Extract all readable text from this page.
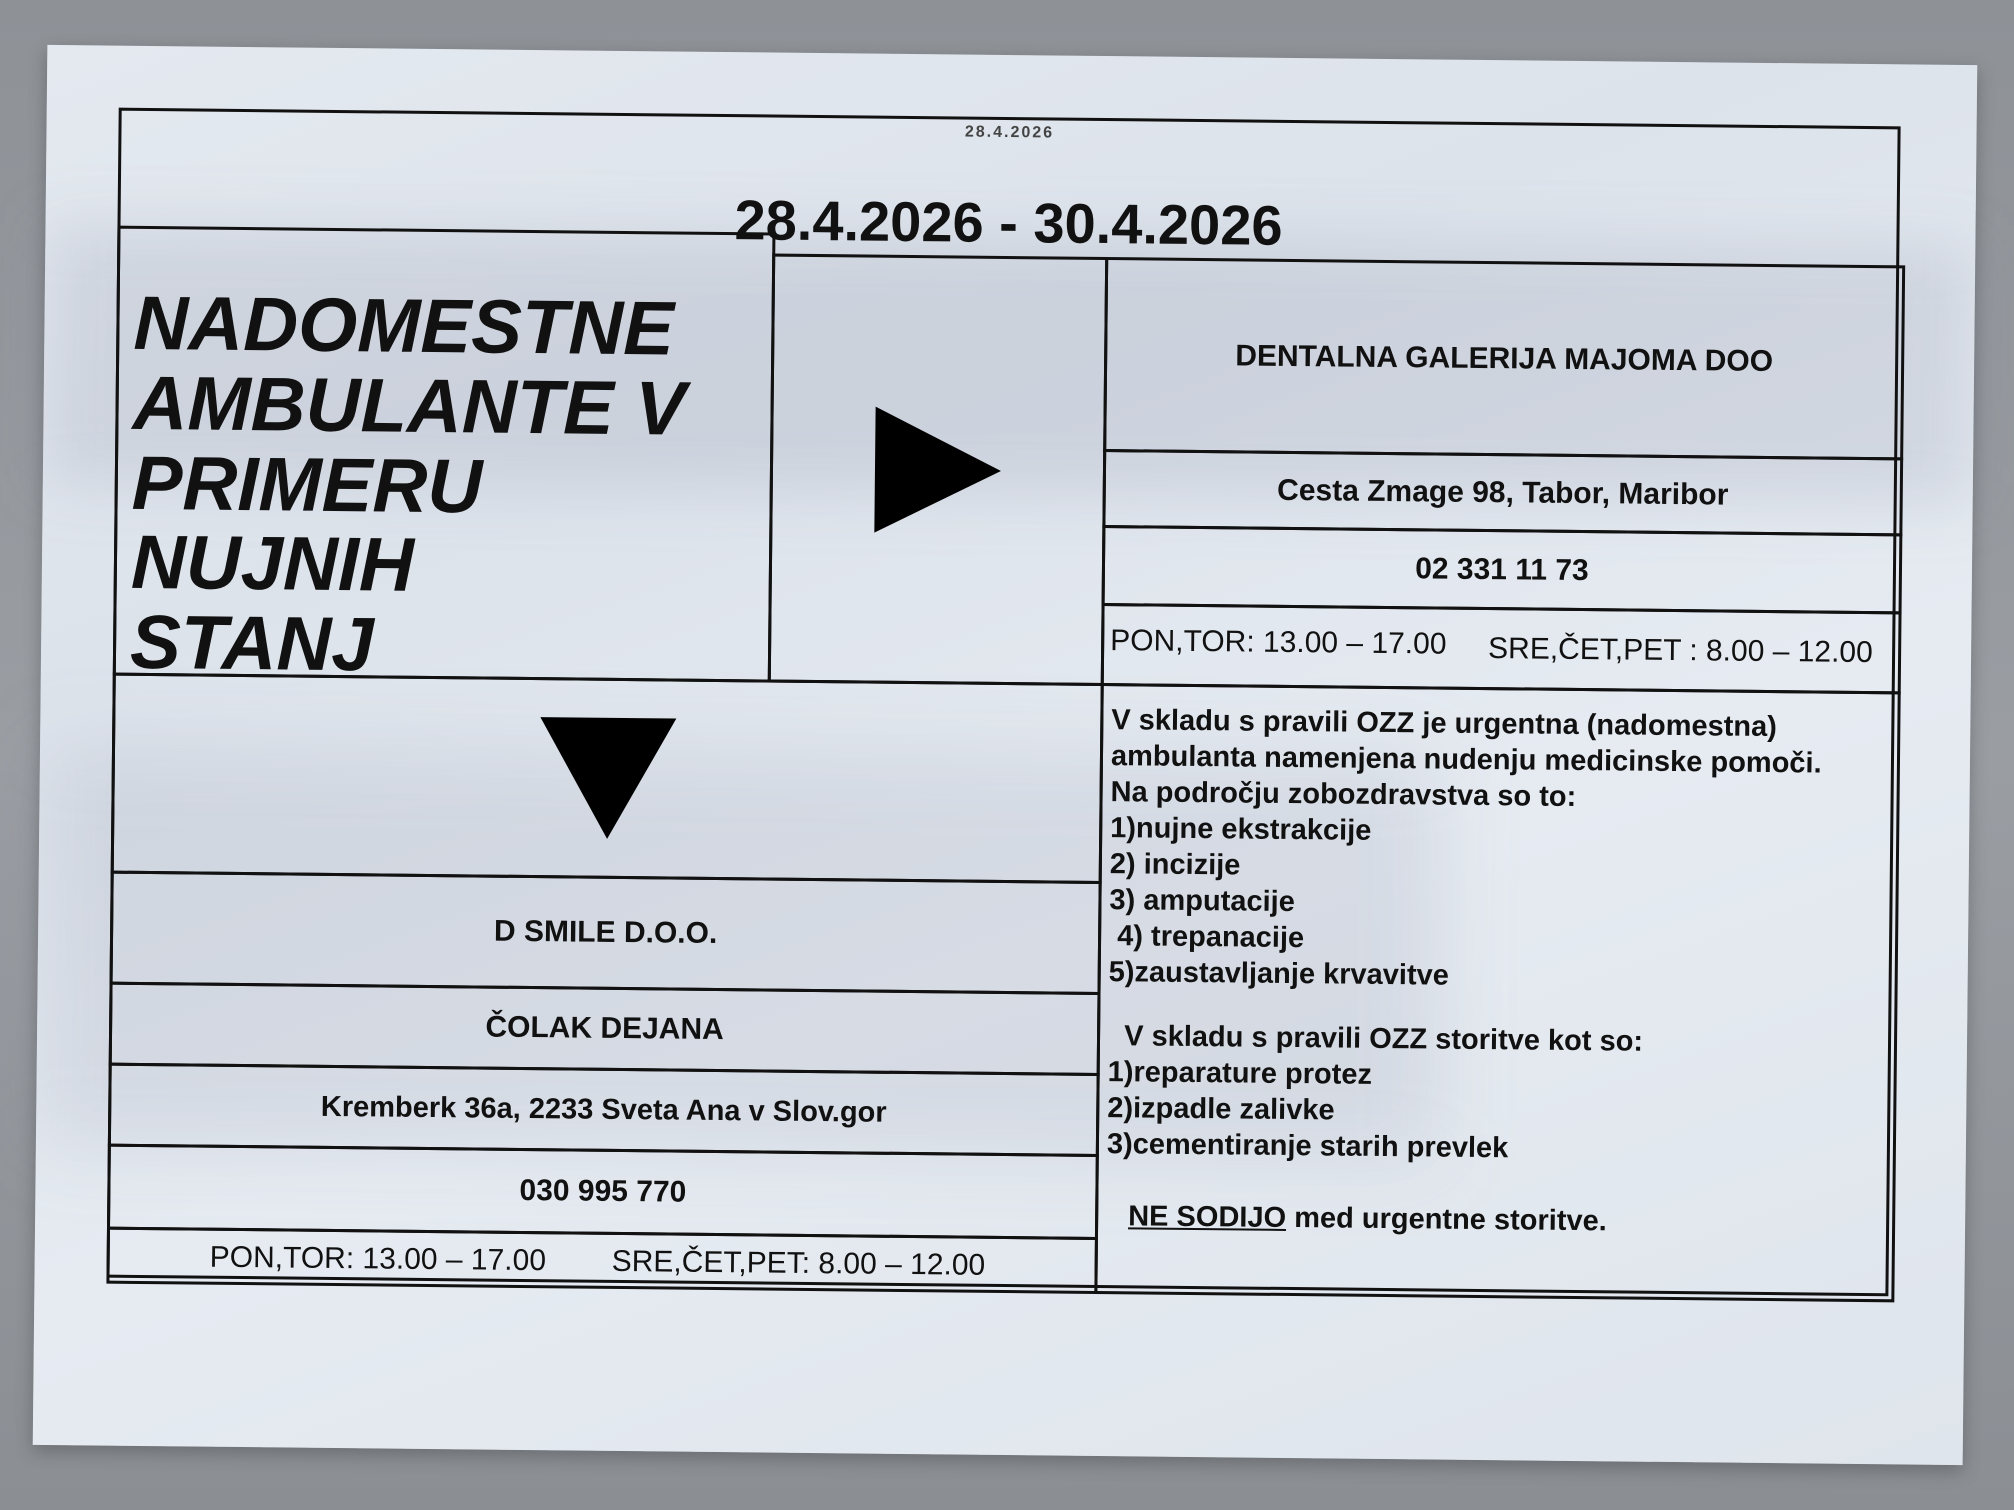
28.4.2026
28.4.2026 - 30.4.2026
NADOMESTNE
AMBULANTE V
PRIMERU NUJNIH
STANJ
DENTALNA GALERIJA MAJOMA DOO
Cesta Zmage 98, Tabor, Maribor
02 331 11 73
PON,TOR: 13.00 – 17.00 SRE,ČET,PET : 8.00 – 12.00
D SMILE D.O.O.
ČOLAK DEJANA
Kremberk 36a, 2233 Sveta Ana v Slov.gor
030 995 770
PON,TOR: 13.00 – 17.00 SRE,ČET,PET: 8.00 – 12.00
V skladu s pravili OZZ je urgentna (nadomestna)
ambulanta namenjena nudenju medicinske pomoči.
Na področju zobozdravstva so to:
1)nujne ekstrakcije
2) incizije
3) amputacije
4) trepanacije
5)zaustavljanje krvavitve
V skladu s pravili OZZ storitve kot so:
1)reparature protez
2)izpadle zalivke
3)cementiranje starih prevlek
NE SODIJO med urgentne storitve.
